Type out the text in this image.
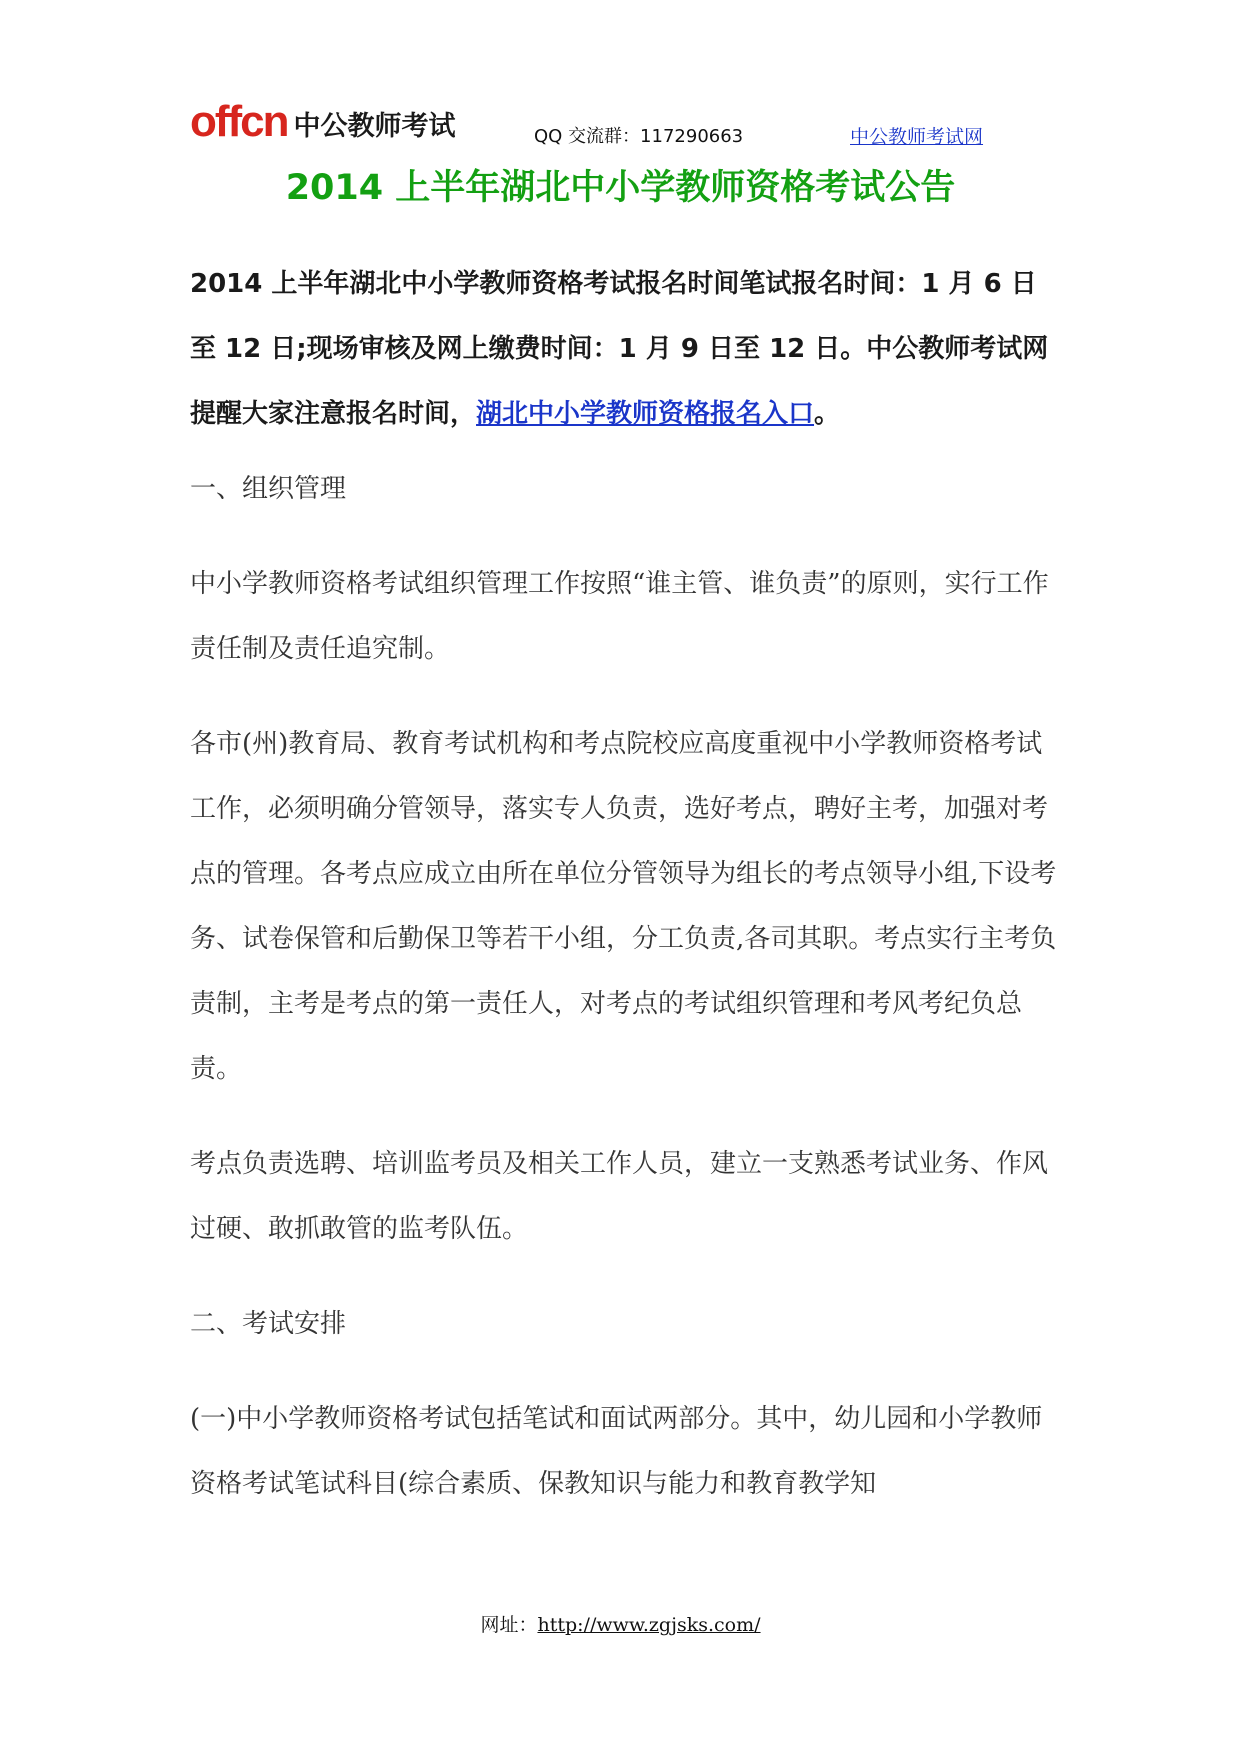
offcn 中公教师考试	QQ 交流群：117290663	中公教师考试网
2014 上半年湖北中小学教师资格考试公告

2014 上半年湖北中小学教师资格考试报名时间笔试报名时间：1 月 6 日至 12 日;现场审核及网上缴费时间：1 月 9 日至 12 日。中公教师考试网提醒大家注意报名时间，湖北中小学教师资格报名入口。

一、组织管理

中小学教师资格考试组织管理工作按照“谁主管、谁负责”的原则，实行工作责任制及责任追究制。

各市(州)教育局、教育考试机构和考点院校应高度重视中小学教师资格考试工作，必须明确分管领导，落实专人负责，选好考点，聘好主考，加强对考点的管理。各考点应成立由所在单位分管领导为组长的考点领导小组,下设考务、试卷保管和后勤保卫等若干小组，分工负责,各司其职。考点实行主考负责制，主考是考点的第一责任人，对考点的考试组织管理和考风考纪负总责。

考点负责选聘、培训监考员及相关工作人员，建立一支熟悉考试业务、作风过硬、敢抓敢管的监考队伍。

二、考试安排

(一)中小学教师资格考试包括笔试和面试两部分。其中，幼儿园和小学教师资格考试笔试科目(综合素质、保教知识与能力和教育教学知

网址：http://www.zgjsks.com/
